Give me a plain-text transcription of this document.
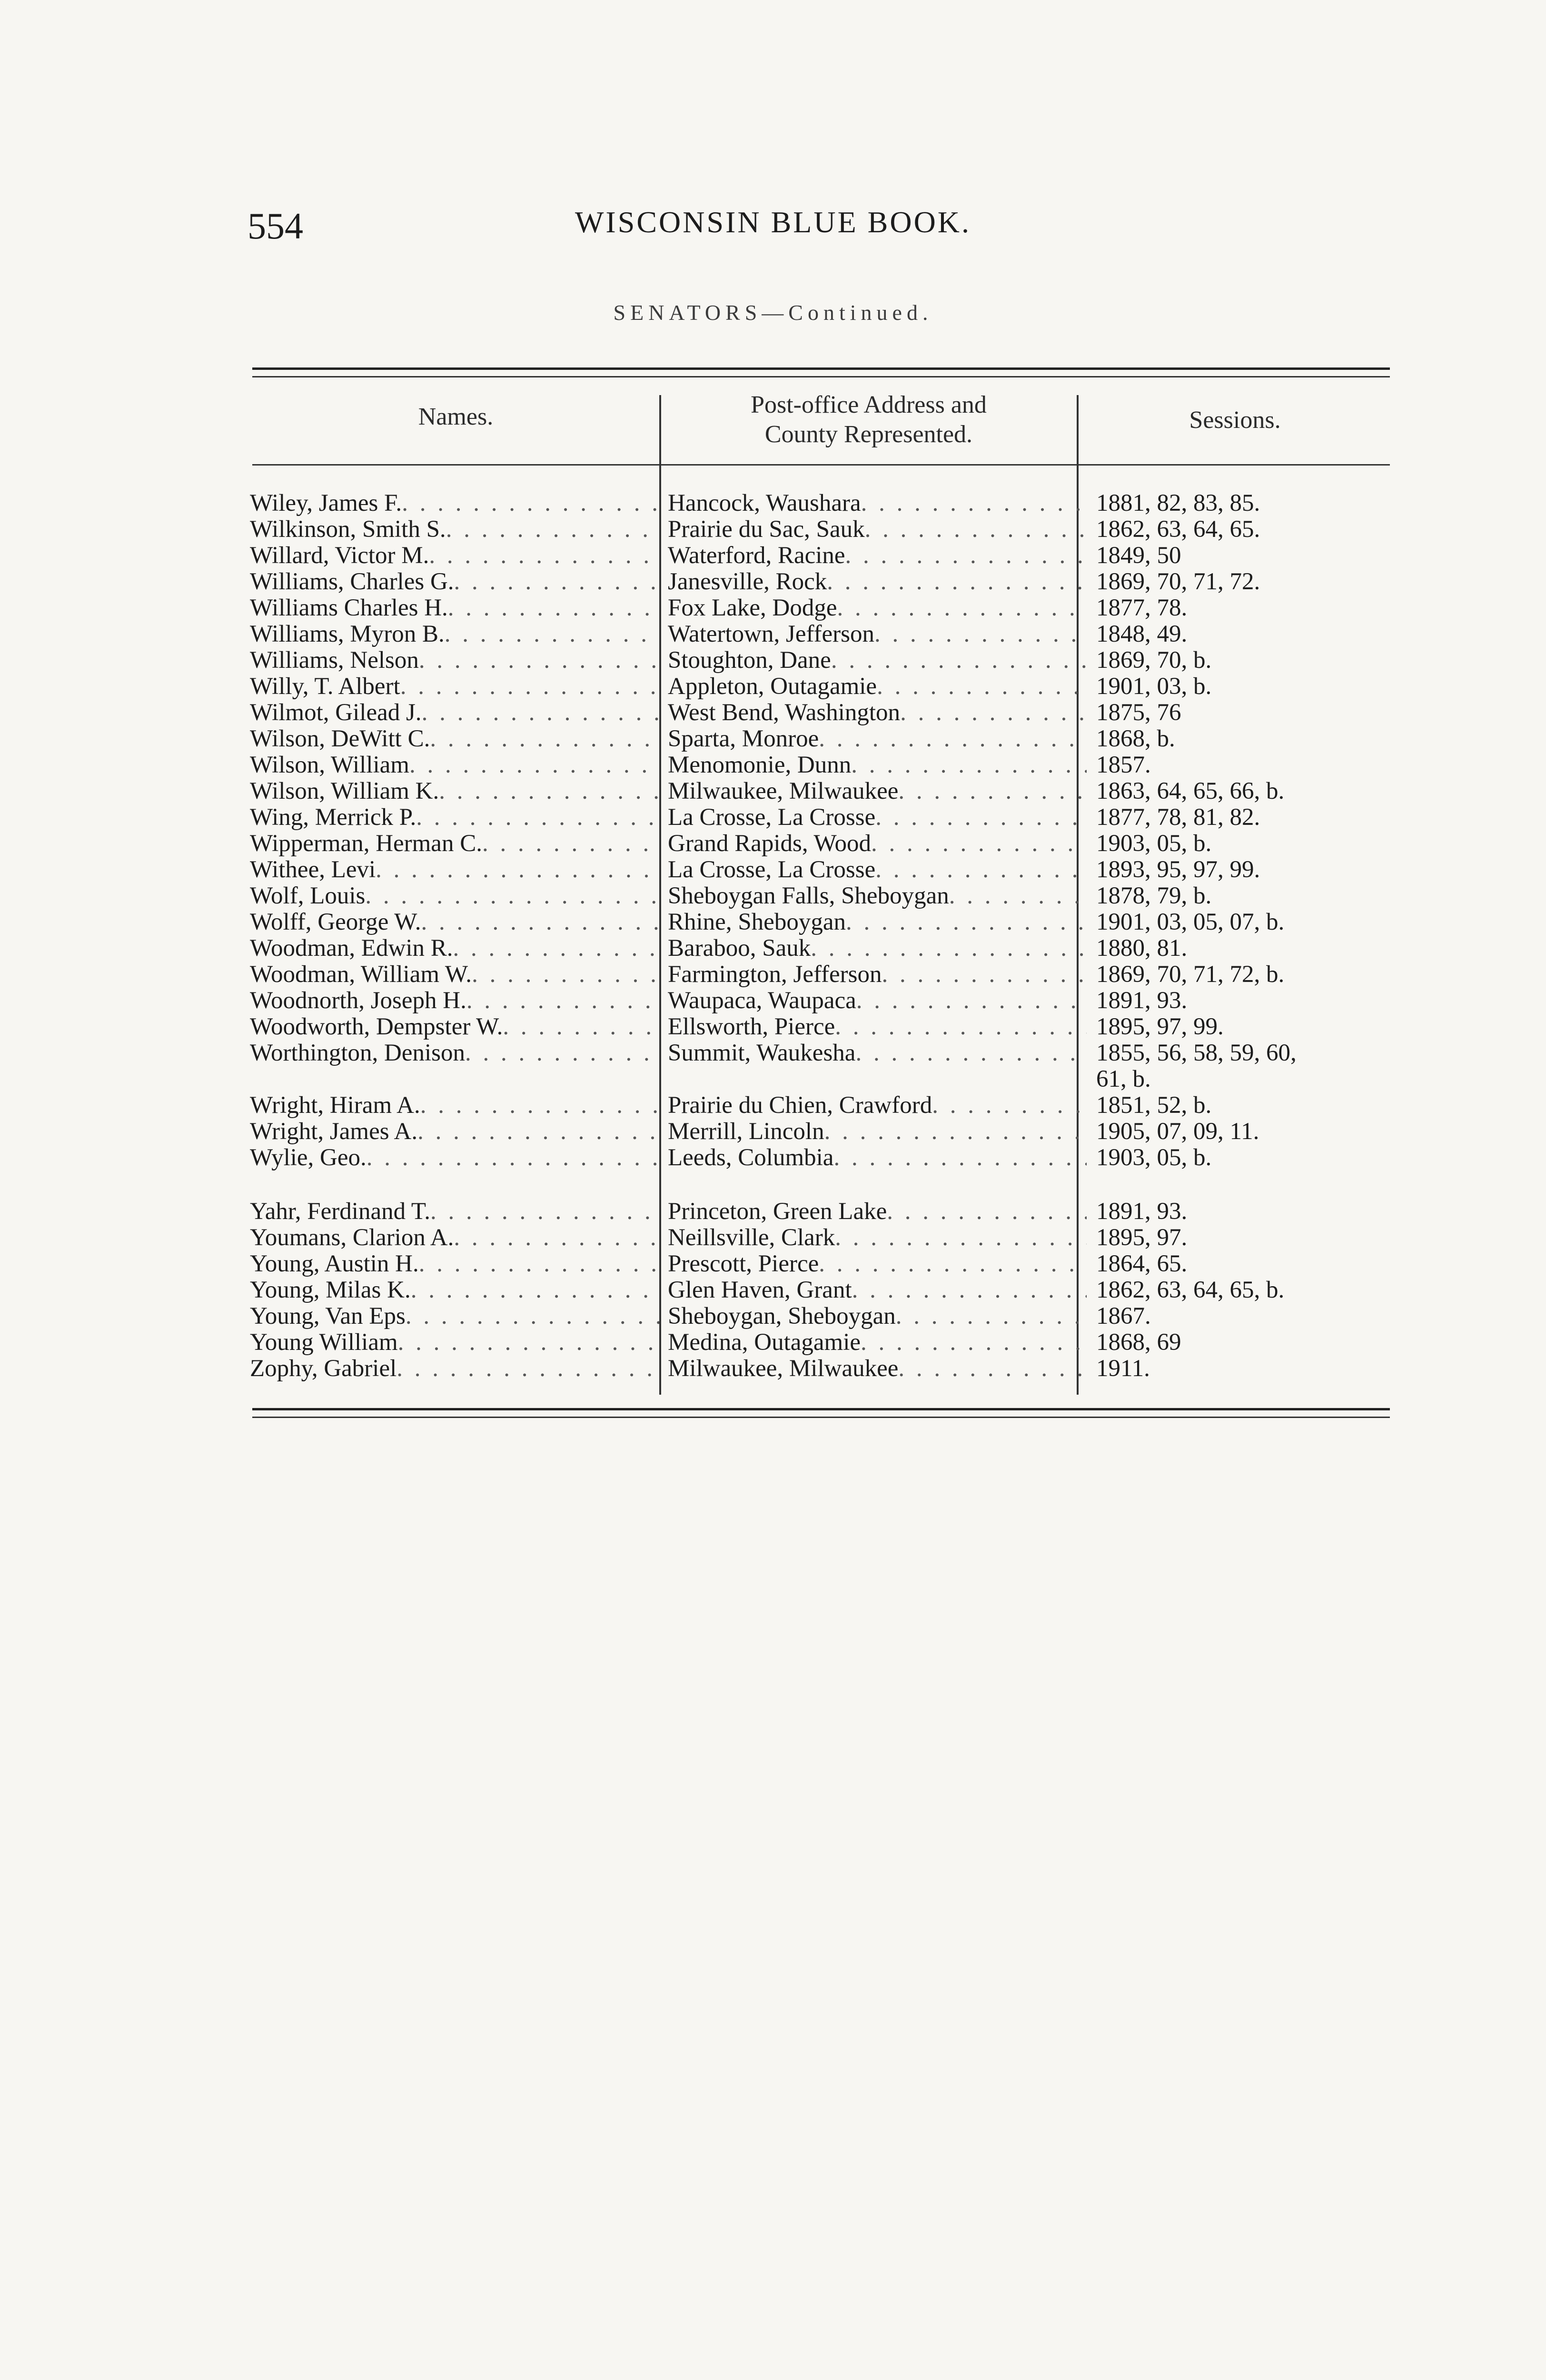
554	WISCONSIN BLUE BOOK.
SENATORS—Continued.
Names.	Post-office Address and
County Represented.
Sessions.
Wiley, James F. . . .	Hancock, Waushara . . .	1881, 82, 83, 85.
Wilkinson, Smith S. . . .	Prairie du Sac, Sauk . . .	1862, 63, 64, 65.
Willard, Victor M. . . .	Waterford, Racine . . .	1849, 50
Williams, Charles G. . . .	Janesville, Rock . . .	1869, 70, 71, 72.
Williams Charles H. . . .	Fox Lake, Dodge . . .	1877, 78.
Williams, Myron B. . . .	Watertown, Jefferson . . .	1848, 49.
Williams, Nelson . . .	Stoughton, Dane . . .	1869, 70, b.
Willy, T. Albert . . .	Appleton, Outagamie . . .	1901, 03, b.
Wilmot, Gilead J. . . .	West Bend, Washington . . .	1875, 76
Wilson, DeWitt C. . . .	Sparta, Monroe . . .	1868, b.
Wilson, William . . .	Menomonie, Dunn . . .	1857.
Wilson, William K. . . .	Milwaukee, Milwaukee . . .	1863, 64, 65, 66, b.
Wing, Merrick P. . . .	La Crosse, La Crosse . . .	1877, 78, 81, 82.
Wipperman, Herman C. . . .	Grand Rapids, Wood . . .	1903, 05, b.
Withee, Levi . . .	La Crosse, La Crosse . . .	1893, 95, 97, 99.
Wolf, Louis . . .	Sheboygan Falls, Sheboygan . . .	1878, 79, b.
Wolff, George W. . . .	Rhine, Sheboygan . . .	1901, 03, 05, 07, b.
Woodman, Edwin R. . . .	Baraboo, Sauk . . .	1880, 81.
Woodman, William W. . . .	Farmington, Jefferson . . .	1869, 70, 71, 72, b.
Woodnorth, Joseph H. . . .	Waupaca, Waupaca . . .	1891, 93.
Woodworth, Dempster W. . . .	Ellsworth, Pierce . . .	1895, 97, 99.
Worthington, Denison . . .	Summit, Waukesha . . .	1855, 56, 58, 59, 60,
61, b.
Wright, Hiram A. . . .	Prairie du Chien, Crawford . . .	1851, 52, b.
Wright, James A. . . .	Merrill, Lincoln . . .	1905, 07, 09, 11.
Wylie, Geo. . . .	Leeds, Columbia . . .	1903, 05, b.
Yahr, Ferdinand T. . . .	Princeton, Green Lake . . .	1891, 93.
Youmans, Clarion A. . . .	Neillsville, Clark . . .	1895, 97.
Young, Austin H. . . .	Prescott, Pierce . . .	1864, 65.
Young, Milas K. . . .	Glen Haven, Grant . . .	1862, 63, 64, 65, b.
Young, Van Eps . . .	Sheboygan, Sheboygan . . .	1867.
Young William . . .	Medina, Outagamie . . .	1868, 69
Zophy, Gabriel . . .	Milwaukee, Milwaukee . . .	1911.
